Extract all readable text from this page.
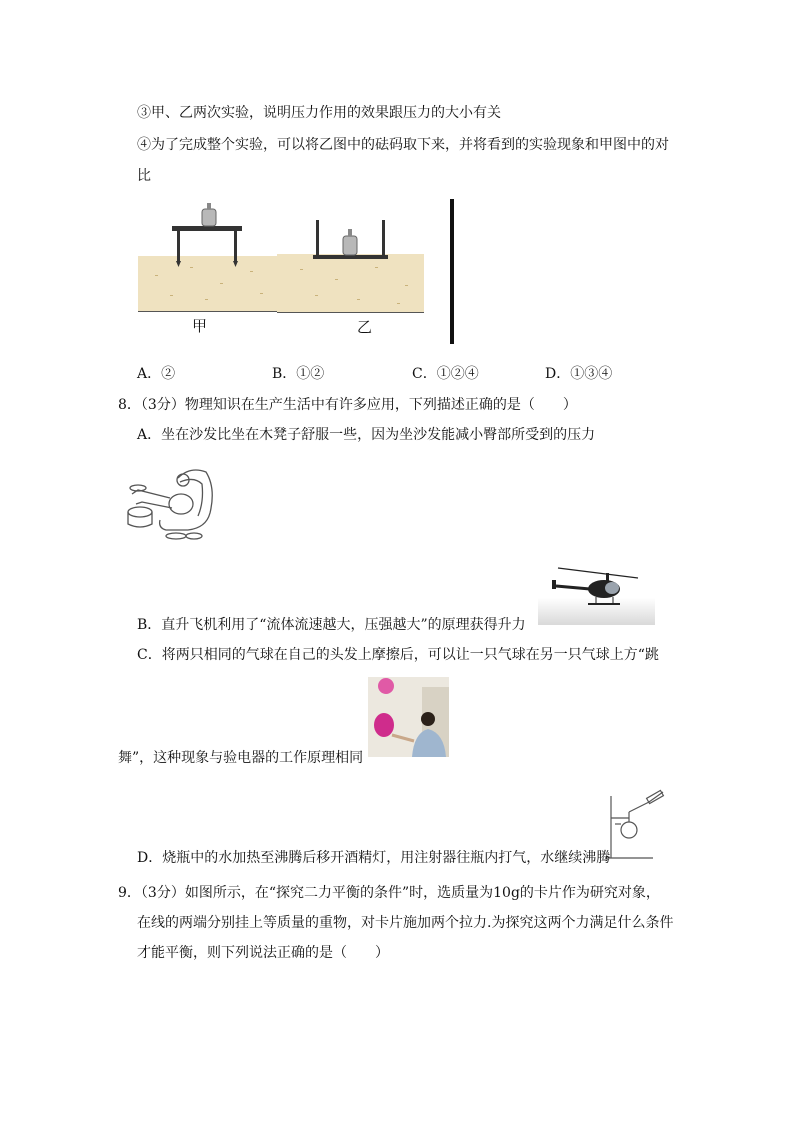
③甲、乙两次实验，说明压力作用的效果跟压力的大小有关
④为了完成整个实验，可以将乙图中的砝码取下来，并将看到的实验现象和甲图中的对
比
甲	乙
A．②	B．①②	C．①②④	D．①③④
8．（3分）物理知识在生产生活中有许多应用，下列描述正确的是（　　）
A．坐在沙发比坐在木凳子舒服一些，因为坐沙发能减小臀部所受到的压力
B．直升飞机利用了“流体流速越大，压强越大”的原理获得升力
C．将两只相同的气球在自己的头发上摩擦后，可以让一只气球在另一只气球上方“跳
舞”，这种现象与验电器的工作原理相同
D．烧瓶中的水加热至沸腾后移开酒精灯，用注射器往瓶内打气，水继续沸腾
9．（3分）如图所示，在“探究二力平衡的条件”时，选质量为10g的卡片作为研究对象，
在线的两端分别挂上等质量的重物，对卡片施加两个拉力.为探究这两个力满足什么条件
才能平衡，则下列说法正确的是（　　）
